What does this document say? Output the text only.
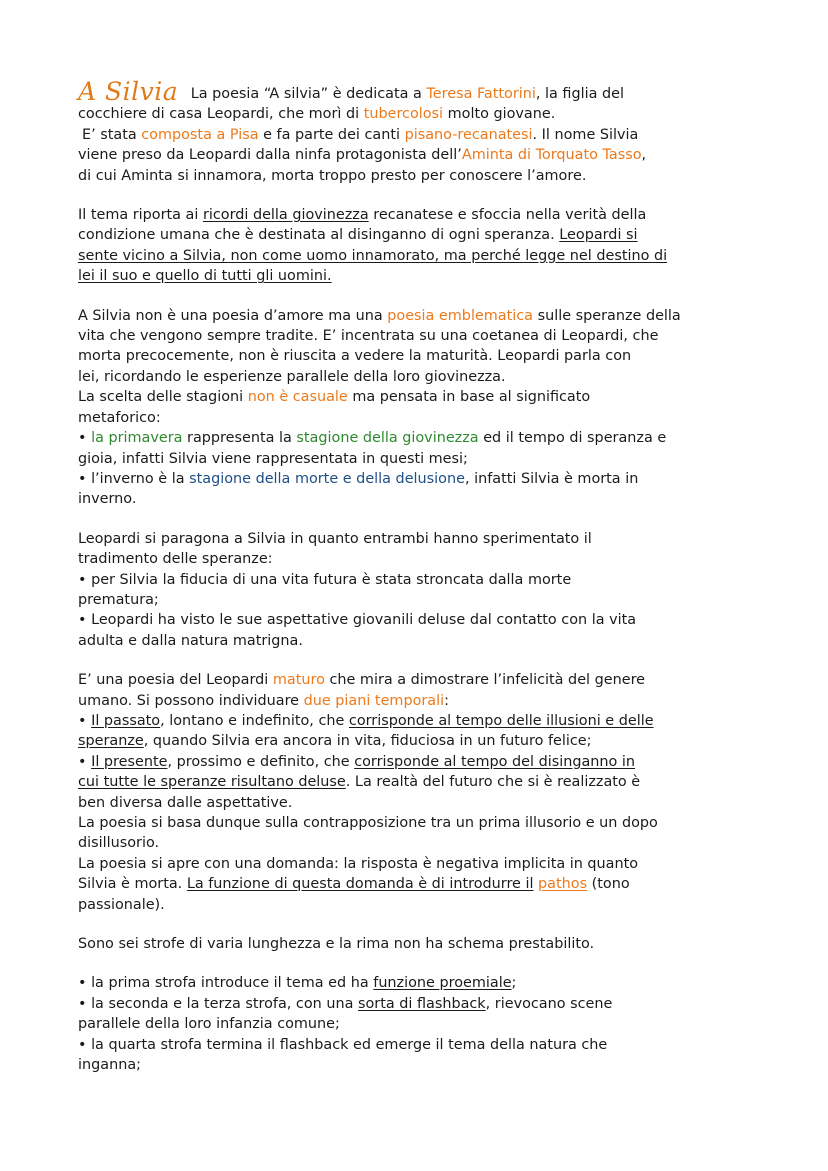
A Silvia La poesia “A silvia” è dedicata a Teresa Fattorini, la figlia del
cocchiere di casa Leopardi, che morì di tubercolosi molto giovane.
E’ stata composta a Pisa e fa parte dei canti pisano-recanatesi. Il nome Silvia
viene preso da Leopardi dalla ninfa protagonista dell’Aminta di Torquato Tasso,
di cui Aminta si innamora, morta troppo presto per conoscere l’amore.

Il tema riporta ai ricordi della giovinezza recanatese e sfoccia nella verità della
condizione umana che è destinata al disinganno di ogni speranza. Leopardi si
sente vicino a Silvia, non come uomo innamorato, ma perché legge nel destino di
lei il suo e quello di tutti gli uomini.

A Silvia non è una poesia d’amore ma una poesia emblematica sulle speranze della
vita che vengono sempre tradite. E’ incentrata su una coetanea di Leopardi, che
morta precocemente, non è riuscita a vedere la maturità. Leopardi parla con
lei, ricordando le esperienze parallele della loro giovinezza.
La scelta delle stagioni non è casuale ma pensata in base al significato
metaforico:
• la primavera rappresenta la stagione della giovinezza ed il tempo di speranza e
gioia, infatti Silvia viene rappresentata in questi mesi;
• l’inverno è la stagione della morte e della delusione, infatti Silvia è morta in
inverno.

Leopardi si paragona a Silvia in quanto entrambi hanno sperimentato il
tradimento delle speranze:
• per Silvia la fiducia di una vita futura è stata stroncata dalla morte
prematura;
• Leopardi ha visto le sue aspettative giovanili deluse dal contatto con la vita
adulta e dalla natura matrigna.

E’ una poesia del Leopardi maturo che mira a dimostrare l’infelicità del genere
umano. Si possono individuare due piani temporali:
• Il passato, lontano e indefinito, che corrisponde al tempo delle illusioni e delle
speranze, quando Silvia era ancora in vita, fiduciosa in un futuro felice;
• Il presente, prossimo e definito, che corrisponde al tempo del disinganno in
cui tutte le speranze risultano deluse. La realtà del futuro che si è realizzato è
ben diversa dalle aspettative.
La poesia si basa dunque sulla contrapposizione tra un prima illusorio e un dopo
disillusorio.
La poesia si apre con una domanda: la risposta è negativa implicita in quanto
Silvia è morta. La funzione di questa domanda è di introdurre il pathos (tono
passionale).

Sono sei strofe di varia lunghezza e la rima non ha schema prestabilito.

• la prima strofa introduce il tema ed ha funzione proemiale;
• la seconda e la terza strofa, con una sorta di flashback, rievocano scene
parallele della loro infanzia comune;
• la quarta strofa termina il flashback ed emerge il tema della natura che
inganna;
